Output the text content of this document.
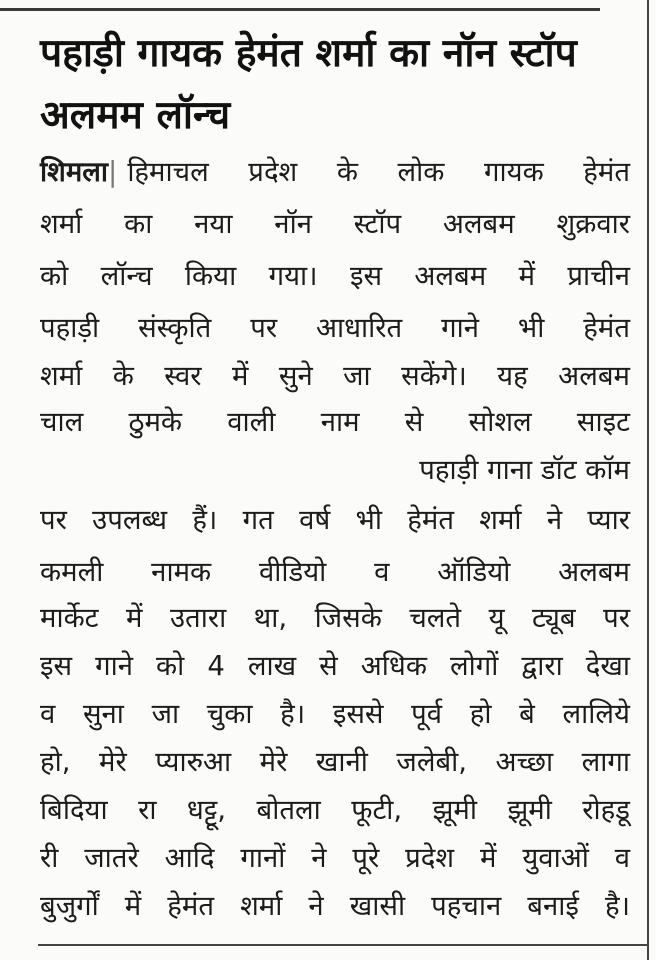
पहाड़ी गायक हेमंत शर्मा का नॉन स्टॉप
अलमम लॉन्च
शिमला| हिमाचल प्रदेश के लोक गायक हेमंत
शर्मा का नया नॉन स्टॉप अलबम शुक्रवार
को लॉन्च किया गया। इस अलबम में प्राचीन
पहाड़ी संस्कृति पर आधारित गाने भी हेमंत
शर्मा के स्वर में सुने जा सकेंगे। यह अलबम
चाल ठुमके वाली नाम से सोशल साइट
पहाड़ी गाना डॉट कॉम
पर उपलब्ध हैं। गत वर्ष भी हेमंत शर्मा ने प्यार
कमली नामक वीडियो व ऑडियो अलबम
मार्केट में उतारा था, जिसके चलते यू ट्यूब पर
इस गाने को 4 लाख से अधिक लोगों द्वारा देखा
व सुना जा चुका है। इससे पूर्व हो बे लालिये
हो, मेरे प्यारुआ मेरे खानी जलेबी, अच्छा लागा
बिदिया रा धट्टू, बोतला फूटी, झूमी झूमी रोहडू
री जातरे आदि गानों ने पूरे प्रदेश में युवाओं व
बुजुर्गों में हेमंत शर्मा ने खासी पहचान बनाई है।
